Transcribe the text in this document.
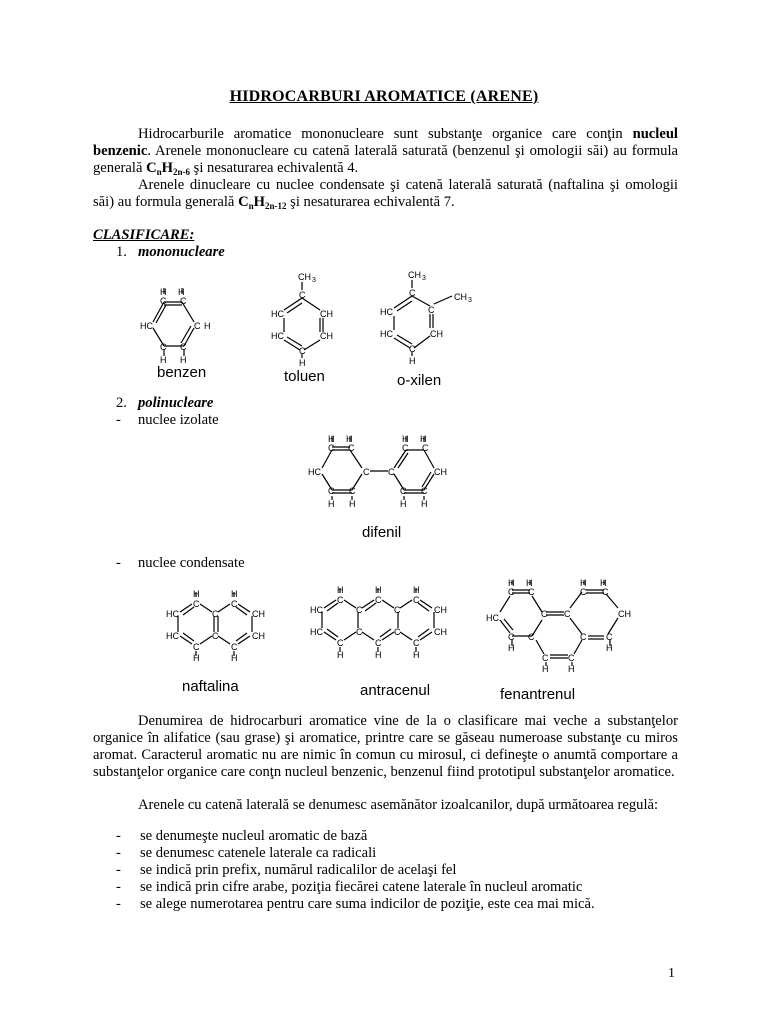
HIDROCARBURI AROMATICE (ARENE)
Hidrocarburile aromatice mononucleare sunt substanţe organice care conţin nucleul benzenic. Arenele mononucleare cu catenă laterală saturată (benzenul şi omologii săi) au formula generală $C_nH_{2n-6}$ şi nesaturarea echivalentă 4.
Arenele dinucleare cu nuclee condensate şi catenă laterală saturată (naftalina şi omologii săi) au formula generală $C_nH_{2n-12}$ şi nesaturarea echivalentă 7.
CLASIFICARE:
1. mononucleare
H H
C C
HC	C H
C C
H H
benzen
CH 3
C
HC	CH
HC	CH
C
H
toluen
CH 3
CH 3
C
HC	C
HC	CH
C
H
o-xilen
2. polinucleare
- nuclee izolate
H H
C C
HC	C
C C
H H
H H
C C
C	CH
C C
H H
difenil
- nuclee condensate
H
C
HC
HC
C
C
C
H
H
C
CH
CH
C
H
naftalina
H
C
HC
HC
C
C
C
H
H
C
C
H
C
C
H
C
CH
CH
C
H
antracenul
H H
C C
HC	C C
C C
H
C
C C
H H
H H
C C
CH
C
H
fenantrenul
Denumirea de hidrocarburi aromatice vine de la o clasificare mai veche a substanţelor organice în alifatice (sau grase) şi aromatice, printre care se găseau numeroase substanţe cu miros aromat. Caracterul aromatic nu are nimic în comun cu mirosul, ci defineşte o anumtă comportare a substanţelor organice care conţn nucleul benzenic, benzenul fiind prototipul substanţelor aromatice.
Arenele cu catenă laterală se denumesc asemănător izoalcanilor, după următoarea regulă:
- se denumeşte nucleul aromatic de bază
- se denumesc catenele laterale ca radicali
- se indică prin prefix, numărul radicalilor de acelaşi fel
- se indică prin cifre arabe, poziţia fiecărei catene laterale în nucleul aromatic
- se alege numerotarea pentru care suma indicilor de poziţie, este cea mai mică.
1
